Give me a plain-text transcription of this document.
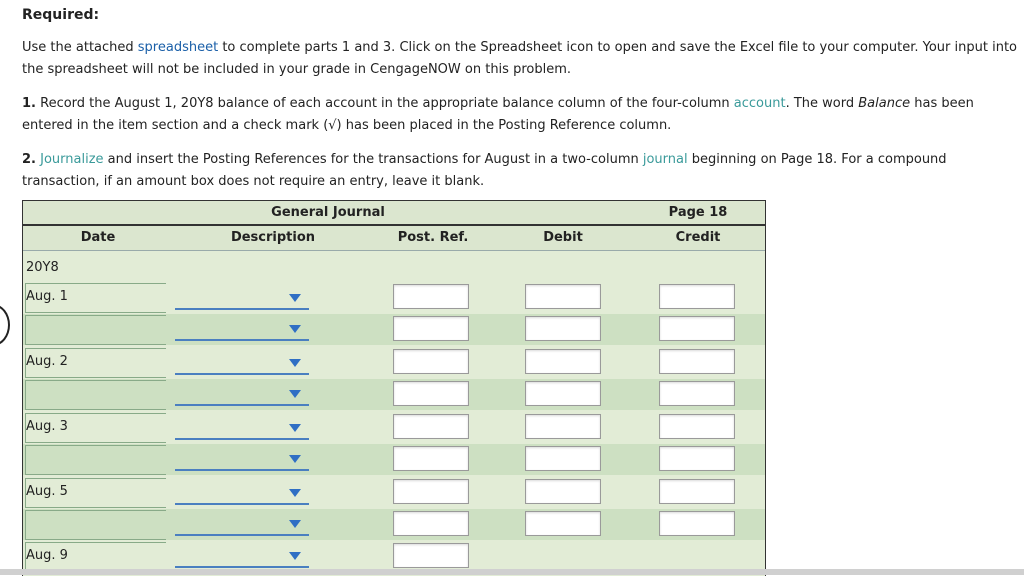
Required:
Use the attached spreadsheet to complete parts 1 and 3. Click on the Spreadsheet icon to open and save the Excel file to your computer. Your input into the spreadsheet will not be included in your grade in CengageNOW on this problem.
1. Record the August 1, 20Y8 balance of each account in the appropriate balance column of the four-column account. The word Balance has been entered in the item section and a check mark (√) has been placed in the Posting Reference column.
2. Journalize and insert the Posting References for the transactions for August in a two-column journal beginning on Page 18. For a compound transaction, if an amount box does not require an entry, leave it blank.
General Journal	Page 18
Date	Description	Post. Ref.	Debit	Credit
20Y8
Aug. 1
Aug. 2
Aug. 3
Aug. 5
Aug. 9
